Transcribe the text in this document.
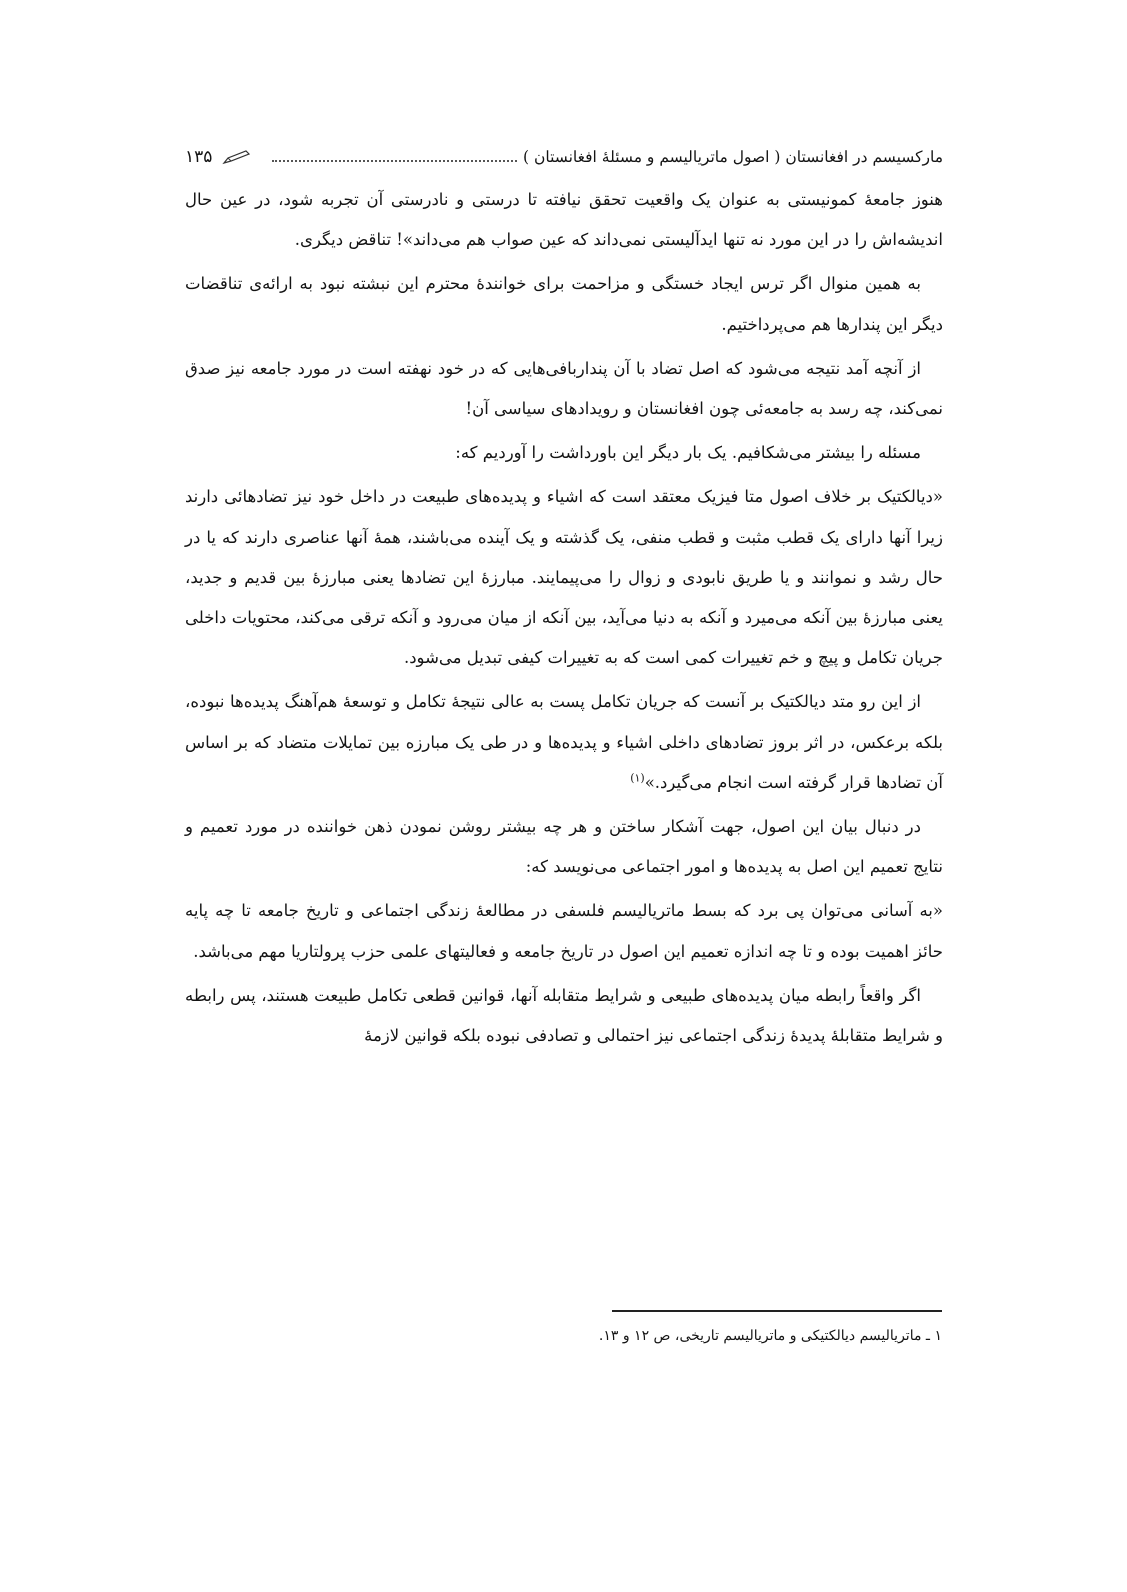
مارکسیسم در افغانستان ( اصول ماتریالیسم و مسئلهٔ افغانستان )
١٣۵

هنوز جامعهٔ کمونیستی به عنوان یک واقعیت تحقق نیافته تا درستی و نادرستی آن تجربه شود، در عین حال اندیشه‌اش را در این مورد نه تنها ایدآلیستی نمی‌داند که عین صواب هم می‌داند»! تناقض دیگری.

به همین منوال اگر ترس ایجاد خستگی و مزاحمت برای خوانندهٔ محترم این نبشته نبود به ارائه‌ی تناقضات دیگر این پندارها هم می‌پرداختیم.

از آنچه آمد نتیجه می‌شود که اصل تضاد با آن پنداربافی‌هایی که در خود نهفته است در مورد جامعه نیز صدق نمی‌کند، چه رسد به جامعه‌ئی چون افغانستان و رویدادهای سیاسی آن!

مسئله را بیشتر می‌شکافیم. یک بار دیگر این باورداشت را آوردیم که:

«دیالکتیک بر خلاف اصول متا فیزیک معتقد است که اشیاء و پدیده‌های طبیعت در داخل خود نیز تضادهائی دارند زیرا آنها دارای یک قطب مثبت و قطب منفی، یک گذشته و یک آینده می‌باشند، همهٔ آنها عناصری دارند که یا در حال رشد و نموانند و یا طریق نابودی و زوال را می‌پیمایند. مبارزهٔ این تضادها یعنی مبارزهٔ بین قدیم و جدید، یعنی مبارزهٔ بین آنکه می‌میرد و آنکه به دنیا می‌آید، بین آنکه از میان می‌رود و آنکه ترقی می‌کند، محتویات داخلی جریان تکامل و پیچ و خم تغییرات کمی است که به تغییرات کیفی تبدیل می‌شود.

از این رو متد دیالکتیک بر آنست که جریان تکامل پست به عالی نتیجهٔ تکامل و توسعهٔ هم‌آهنگ پدیده‌ها نبوده، بلکه برعکس، در اثر بروز تضادهای داخلی اشیاء و پدیده‌ها و در طی یک مبارزه بین تمایلات متضاد که بر اساس آن تضادها قرار گرفته است انجام می‌گیرد.»$^{(١)}$

در دنبال بیان این اصول، جهت آشکار ساختن و هر چه بیشتر روشن نمودن ذهن خواننده در مورد تعمیم و نتایج تعمیم این اصل به پدیده‌ها و امور اجتماعی می‌نویسد که:

«به آسانی می‌توان پی برد که بسط ماتریالیسم فلسفی در مطالعهٔ زندگی اجتماعی و تاریخ جامعه تا چه پایه حائز اهمیت بوده و تا چه اندازه تعمیم این اصول در تاریخ جامعه و فعالیتهای علمی حزب پرولتاریا مهم می‌باشد.

اگر واقعاً رابطه میان پدیده‌های طبیعی و شرایط متقابله آنها، قوانین قطعی تکامل طبیعت هستند، پس رابطه و شرایط متقابلهٔ پدیدهٔ زندگی اجتماعی نیز احتمالی و تصادفی نبوده بلکه قوانین لازمهٔ

١ ـ ماتریالیسم دیالکتیکی و ماتریالیسم تاریخی، ص ١٢ و ١٣.
